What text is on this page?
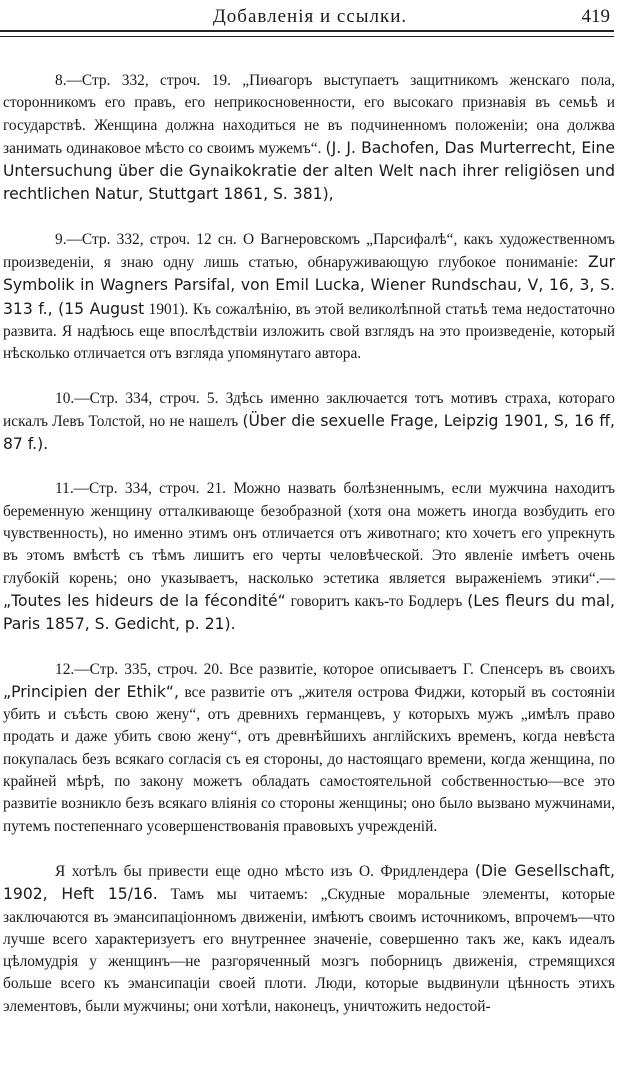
Добавленія и ссылки.	419

8.—Стр. 332, строч. 19. „Пиѳагоръ выступаетъ защитникомъ женскаго пола, сторонникомъ его правъ, его неприкосновенности, его высокаго признавія въ семьѣ и государствѣ. Женщина должна находиться не въ подчиненномъ положеніи; она должва занимать одинаковое мѣсто со своимъ мужемъ“. (J. J. Bachofen, Das Murterrecht, Eine Untersuchung über die Gynaikokratie der alten Welt nach ihrer religiösen und rechtlichen Natur, Stuttgart 1861, S. 381),

9.—Стр. 332, строч. 12 сн. О Вагнеровскомъ „Парсифалѣ“, какъ художественномъ произведеніи, я знаю одну лишь статью, обнаруживающую глубокое пониманіе: Zur Symbolik in Wagners Parsifal, von Emil Lucka, Wiener Rundschau, V, 16, 3, S. 313 f., (15 August 1901). Къ сожалѣнію, въ этой великолѣпной статьѣ тема недостаточно развита. Я надѣюсь еще впослѣдствіи изложить свой взглядъ на это произведеніе, который нѣсколько отличается отъ взгляда упомянутаго автора.

10.—Стр. 334, строч. 5. Здѣсь именно заключается тотъ мотивъ страха, котораго искалъ Левъ Толстой, но не нашелъ (Über die sexuelle Frage, Leipzig 1901, S, 16 ff, 87 f.).

11.—Стр. 334, строч. 21. Можно назвать болѣзненнымъ, если мужчина находитъ беременную женщину отталкивающе безобразной (хотя она можетъ иногда возбудить его чувственность), но именно этимъ онъ отличается отъ животнаго; кто хочетъ его упрекнуть въ этомъ вмѣстѣ съ тѣмъ лишитъ его черты человѣческой. Это явленіе имѣетъ очень глубокій корень; оно указываетъ, насколько эстетика является выраженіемъ этики“.—„Toutes les hideurs de la fécondité“ говоритъ какъ-то Бодлеръ (Les fleurs du mal, Paris 1857, S. Gedicht, p. 21).

12.—Стр. 335, строч. 20. Все развитіе, которое описываетъ Г. Спенсеръ въ своихъ „Principien der Ethik“, все развитіе отъ „жителя острова Фиджи, который въ состояніи убить и съѣсть свою жену“, отъ древнихъ германцевъ, у которыхъ мужъ „имѣлъ право продать и даже убить свою жену“, отъ древнѣйшихъ англійскихъ временъ, когда невѣста покупалась безъ всякаго согласія съ ея стороны, до настоящаго времени, когда женщина, по крайней мѣрѣ, по закону можетъ обладать самостоятельной собственностью—все это развитіе возникло безъ всякаго вліянія со стороны женщины; оно было вызвано мужчинами, путемъ постепеннаго усовершенствованія правовыхъ учрежденій.

Я хотѣлъ бы привести еще одно мѣсто изъ О. Фридлендера (Die Gesellschaft, 1902, Heft 15/16. Тамъ мы читаемъ: „Скудные моральные элементы, которые заключаются въ эмансипаціонномъ движеніи, имѣютъ своимъ источникомъ, впрочемъ—что лучше всего характеризуетъ его внутреннее значеніе, совершенно такъ же, какъ идеалъ цѣломудрія у женщинъ—не разгоряченный мозгъ поборницъ движенія, стремящихся больше всего къ эмансипаціи своей плоти. Люди, которые выдвинули цѣнность этихъ элементовъ, были мужчины; они хотѣли, наконецъ, уничтожить недостой-
